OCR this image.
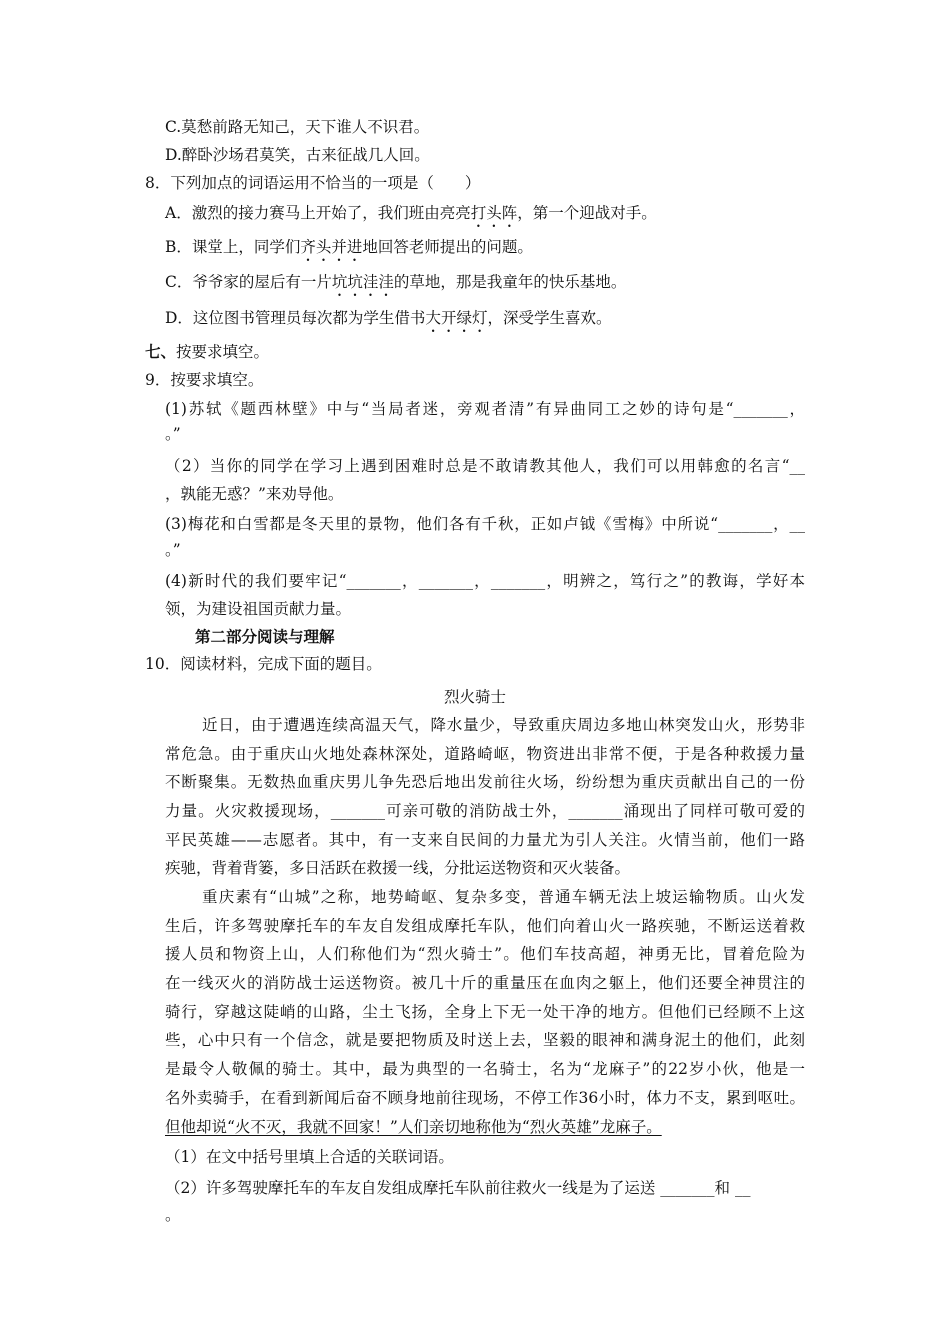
C.莫愁前路无知己，天下谁人不识君。
D.醉卧沙场君莫笑，古来征战几人回。
8．下列加点的词语运用不恰当的一项是（　　）
A．激烈的接力赛马上开始了，我们班由亮亮打头阵，第一个迎战对手。
B．课堂上，同学们齐头并进地回答老师提出的问题。
C．爷爷家的屋后有一片坑坑洼洼的草地，那是我童年的快乐基地。
D．这位图书管理员每次都为学生借书大开绿灯，深受学生喜欢。
七、按要求填空。
9．按要求填空。
(1)苏轼《题西林壁》中与“当局者迷，旁观者清”有异曲同工之妙的诗句是“_______，
。”
（2）当你的同学在学习上遇到困难时总是不敢请教其他人，我们可以用韩愈的名言“__
，孰能无惑？”来劝导他。
(3)梅花和白雪都是冬天里的景物，他们各有千秋，正如卢钺《雪梅》中所说“_______，__
。”
(4)新时代的我们要牢记“_______，_______，_______，明辨之，笃行之”的教诲，学好本
领，为建设祖国贡献力量。
第二部分阅读与理解
10．阅读材料，完成下面的题目。
烈火骑士
近日，由于遭遇连续高温天气，降水量少，导致重庆周边多地山林突发山火，形势非
常危急。由于重庆山火地处森林深处，道路崎岖，物资进出非常不便，于是各种救援力量
不断聚集。无数热血重庆男儿争先恐后地出发前往火场，纷纷想为重庆贡献出自己的一份
力量。火灾救援现场，_______可亲可敬的消防战士外，_______涌现出了同样可敬可爱的
平民英雄——志愿者。其中，有一支来自民间的力量尤为引人关注。火情当前，他们一路
疾驰，背着背篓，多日活跃在救援一线，分批运送物资和灭火装备。
重庆素有“山城”之称，地势崎岖、复杂多变，普通车辆无法上坡运输物质。山火发
生后，许多驾驶摩托车的车友自发组成摩托车队，他们向着山火一路疾驰，不断运送着救
援人员和物资上山，人们称他们为“烈火骑士”。他们车技高超，神勇无比，冒着危险为
在一线灭火的消防战士运送物资。被几十斤的重量压在血肉之躯上，他们还要全神贯注的
骑行，穿越这陡峭的山路，尘土飞扬，全身上下无一处干净的地方。但他们已经顾不上这
些，心中只有一个信念，就是要把物质及时送上去，坚毅的眼神和满身泥土的他们，此刻
是最令人敬佩的骑士。其中，最为典型的一名骑士，名为“龙麻子”的22岁小伙，他是一
名外卖骑手，在看到新闻后奋不顾身地前往现场，不停工作36小时，体力不支，累到呕吐。
但他却说“火不灭，我就不回家！”人们亲切地称他为“烈火英雄”龙麻子。
（1）在文中括号里填上合适的关联词语。
（2）许多驾驶摩托车的车友自发组成摩托车队前往救火一线是为了运送 _______和 __
。
